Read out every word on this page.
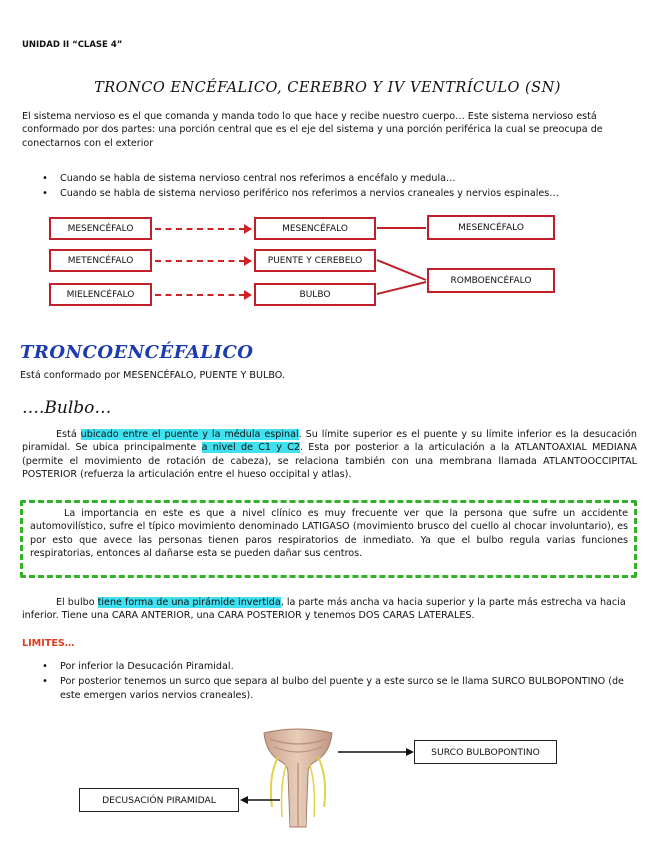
UNIDAD II “CLASE 4”
TRONCO ENCÉFALICO, CEREBRO Y IV VENTRÍCULO (SN)
El sistema nervioso es el que comanda y manda todo lo que hace y recibe nuestro cuerpo… Este sistema nervioso está conformado por dos partes: una porción central que es el eje del sistema y una porción periférica la cual se preocupa de conectarnos con el exterior
• Cuando se habla de sistema nervioso central nos referimos a encéfalo y medula…
• Cuando se habla de sistema nervioso periférico nos referimos a nervios craneales y nervios espinales…
MESENCÉFALO
METENCÉFALO
MIELENCÉFALO
MESENCÉFALO
PUENTE Y CEREBELO
BULBO
MESENCÉFALO
ROMBOENCÉFALO
TRONCOENCÉFALICO
Está conformado por MESENCÉFALO, PUENTE Y BULBO.
….Bulbo…
Está ubicado entre el puente y la médula espinal. Su límite superior es el puente y su límite inferior es la desucación piramidal. Se ubica principalmente a nivel de C1 y C2. Esta por posterior a la articulación a la ATLANTOAXIAL MEDIANA (permite el movimiento de rotación de cabeza), se relaciona también con una membrana llamada ATLANTOOCCIPITAL POSTERIOR (refuerza la articulación entre el hueso occipital y atlas).
La importancia en este es que a nivel clínico es muy frecuente ver que la persona que sufre un accidente automovilístico, sufre el típico movimiento denominado LATIGASO (movimiento brusco del cuello al chocar involuntario), es por esto que avece las personas tienen paros respiratorios de inmediato. Ya que el bulbo regula varias funciones respiratorias, entonces al dañarse esta se pueden dañar sus centros.
El bulbo tiene forma de una pirámide invertida, la parte más ancha va hacia superior y la parte más estrecha va hacia inferior. Tiene una CARA ANTERIOR, una CARA POSTERIOR y tenemos DOS CARAS LATERALES.
LIMITES…
• Por inferior la Desucación Piramidal.
• Por posterior tenemos un surco que separa al bulbo del puente y a este surco se le llama SURCO BULBOPONTINO (de este emergen varios nervios craneales).
SURCO BULBOPONTINO
DECUSACIÓN PIRAMIDAL
